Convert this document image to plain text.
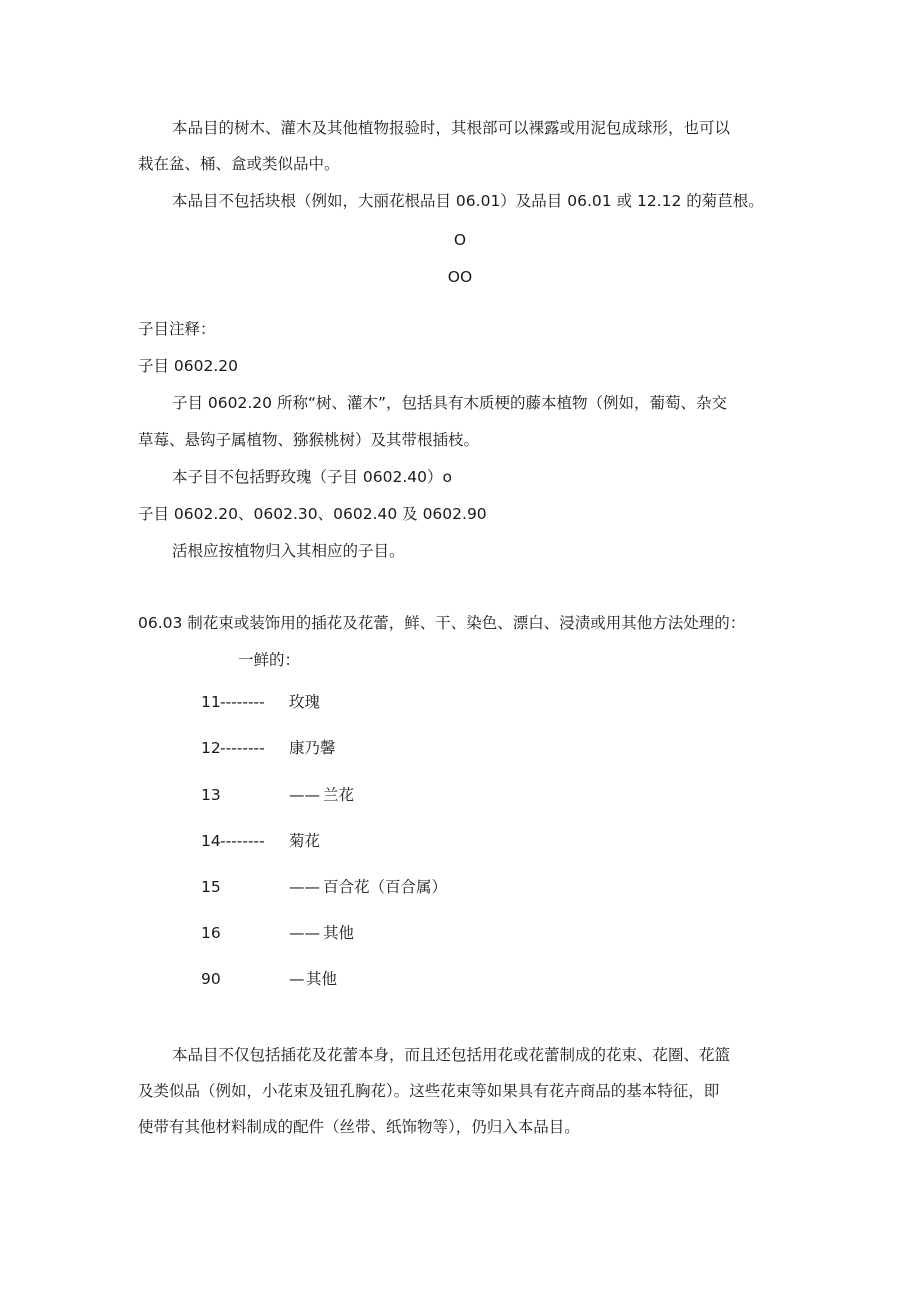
本品目的树木、灌木及其他植物报验时，其根部可以裸露或用泥包成球形，也可以
栽在盆、桶、盒或类似品中。
本品目不包括块根（例如，大丽花根品目 06.01）及品目 06.01 或 12.12 的菊苣根。
O
OO
子目注释：
子目 0602.20
子目 0602.20 所称“树、灌木”，包括具有木质梗的藤本植物（例如，葡萄、杂交
草莓、悬钩子属植物、猕猴桃树）及其带根插枝。
本子目不包括野玫瑰（子目 0602.40）o
子目 0602.20、0602.30、0602.40 及 0602.90
活根应按植物归入其相应的子目。
06.03 制花束或装饰用的插花及花蕾，鲜、干、染色、漂白、浸渍或用其他方法处理的：
一鲜的：
11 -------- 玫瑰
12 -------- 康乃馨
13	—— 兰花
14 -------- 菊花
15	—— 百合花（百合属）
16	—— 其他
90	— 其他
本品目不仅包括插花及花蕾本身，而且还包括用花或花蕾制成的花束、花圈、花篮
及类似品（例如，小花束及钮孔胸花）。这些花束等如果具有花卉商品的基本特征，即
使带有其他材料制成的配件（丝带、纸饰物等），仍归入本品目。
